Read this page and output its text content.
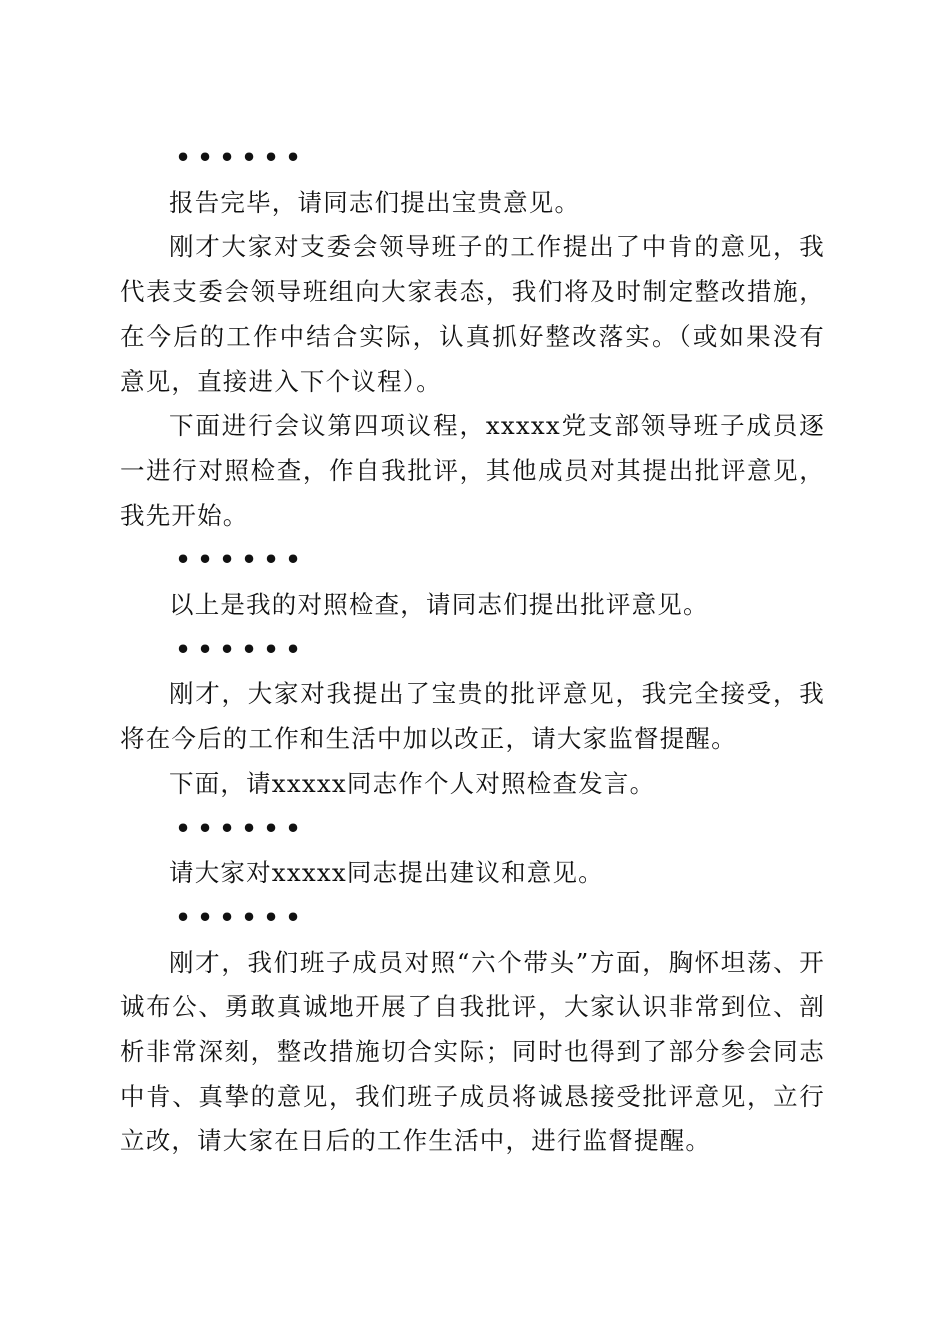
• • • • • •

报告完毕，请同志们提出宝贵意见。

刚才大家对支委会领导班子的工作提出了中肯的意见，我代表支委会领导班组向大家表态，我们将及时制定整改措施，在今后的工作中结合实际，认真抓好整改落实。（或如果没有意见，直接进入下个议程）。

下面进行会议第四项议程，xxxxx党支部领导班子成员逐一进行对照检查，作自我批评，其他成员对其提出批评意见，我先开始。

• • • • • •

以上是我的对照检查，请同志们提出批评意见。

• • • • • •

刚才，大家对我提出了宝贵的批评意见，我完全接受，我将在今后的工作和生活中加以改正，请大家监督提醒。

下面，请xxxxx同志作个人对照检查发言。

• • • • • •

请大家对xxxxx同志提出建议和意见。

• • • • • •

刚才，我们班子成员对照“六个带头”方面，胸怀坦荡、开诚布公、勇敢真诚地开展了自我批评，大家认识非常到位、剖析非常深刻，整改措施切合实际；同时也得到了部分参会同志中肯、真挚的意见，我们班子成员将诚恳接受批评意见，立行立改，请大家在日后的工作生活中，进行监督提醒。
